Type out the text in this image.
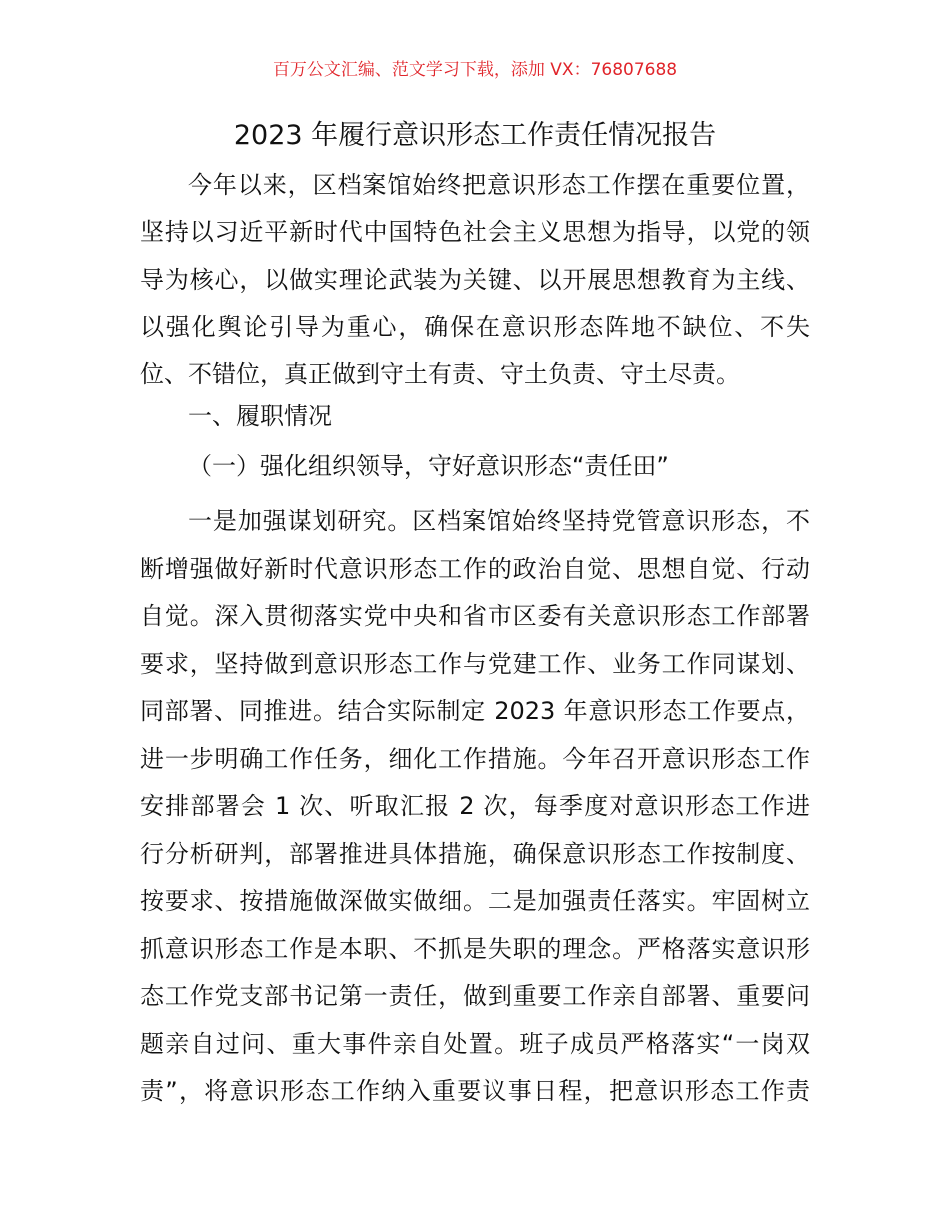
百万公文汇编、范文学习下载，添加 VX：76807688
2023 年履行意识形态工作责任情况报告
今年以来，区档案馆始终把意识形态工作摆在重要位置，
坚持以习近平新时代中国特色社会主义思想为指导，以党的领
导为核心，以做实理论武装为关键、以开展思想教育为主线、
以强化舆论引导为重心，确保在意识形态阵地不缺位、不失
位、不错位，真正做到守土有责、守土负责、守土尽责。
一、履职情况
（一）强化组织领导，守好意识形态“责任田”
一是加强谋划研究。区档案馆始终坚持党管意识形态，不
断增强做好新时代意识形态工作的政治自觉、思想自觉、行动
自觉。深入贯彻落实党中央和省市区委有关意识形态工作部署
要求，坚持做到意识形态工作与党建工作、业务工作同谋划、
同部署、同推进。结合实际制定 2023 年意识形态工作要点，
进一步明确工作任务，细化工作措施。今年召开意识形态工作
安排部署会 1 次、听取汇报 2 次，每季度对意识形态工作进
行分析研判，部署推进具体措施，确保意识形态工作按制度、
按要求、按措施做深做实做细。二是加强责任落实。牢固树立
抓意识形态工作是本职、不抓是失职的理念。严格落实意识形
态工作党支部书记第一责任，做到重要工作亲自部署、重要问
题亲自过问、重大事件亲自处置。班子成员严格落实“一岗双
责”，将意识形态工作纳入重要议事日程，把意识形态工作责
